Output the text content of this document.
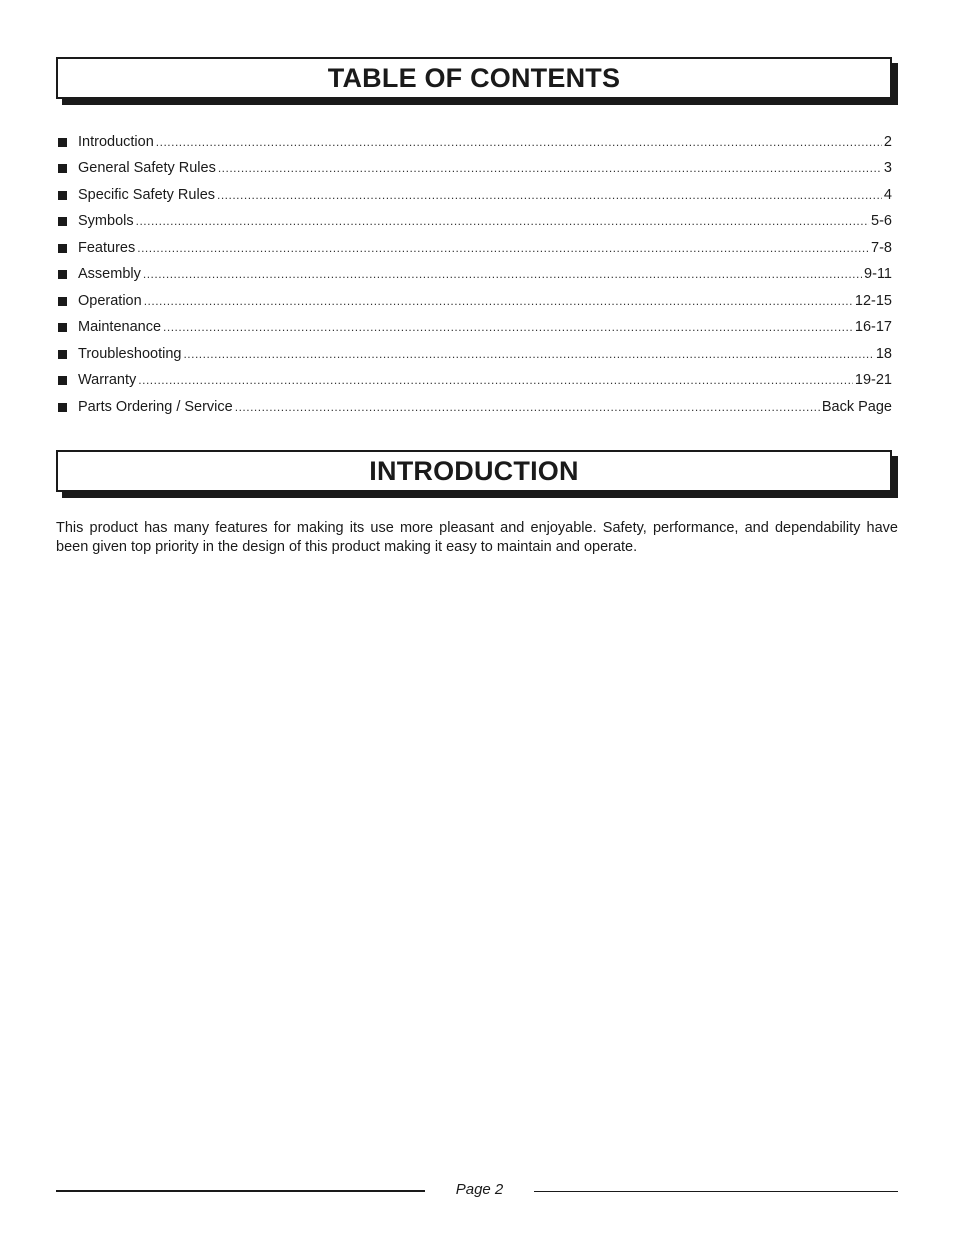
TABLE OF CONTENTS
Introduction .....	2
General Safety Rules .....	3
Specific Safety Rules .....	4
Symbols .....	5-6
Features .....	7-8
Assembly .....	9-11
Operation .....	12-15
Maintenance .....	16-17
Troubleshooting .....	18
Warranty .....	19-21
Parts Ordering / Service .....	Back Page
INTRODUCTION

This product has many features for making its use more pleasant and enjoyable. Safety, performance, and dependability have been given top priority in the design of this product making it easy to maintain and operate.

Page 2
